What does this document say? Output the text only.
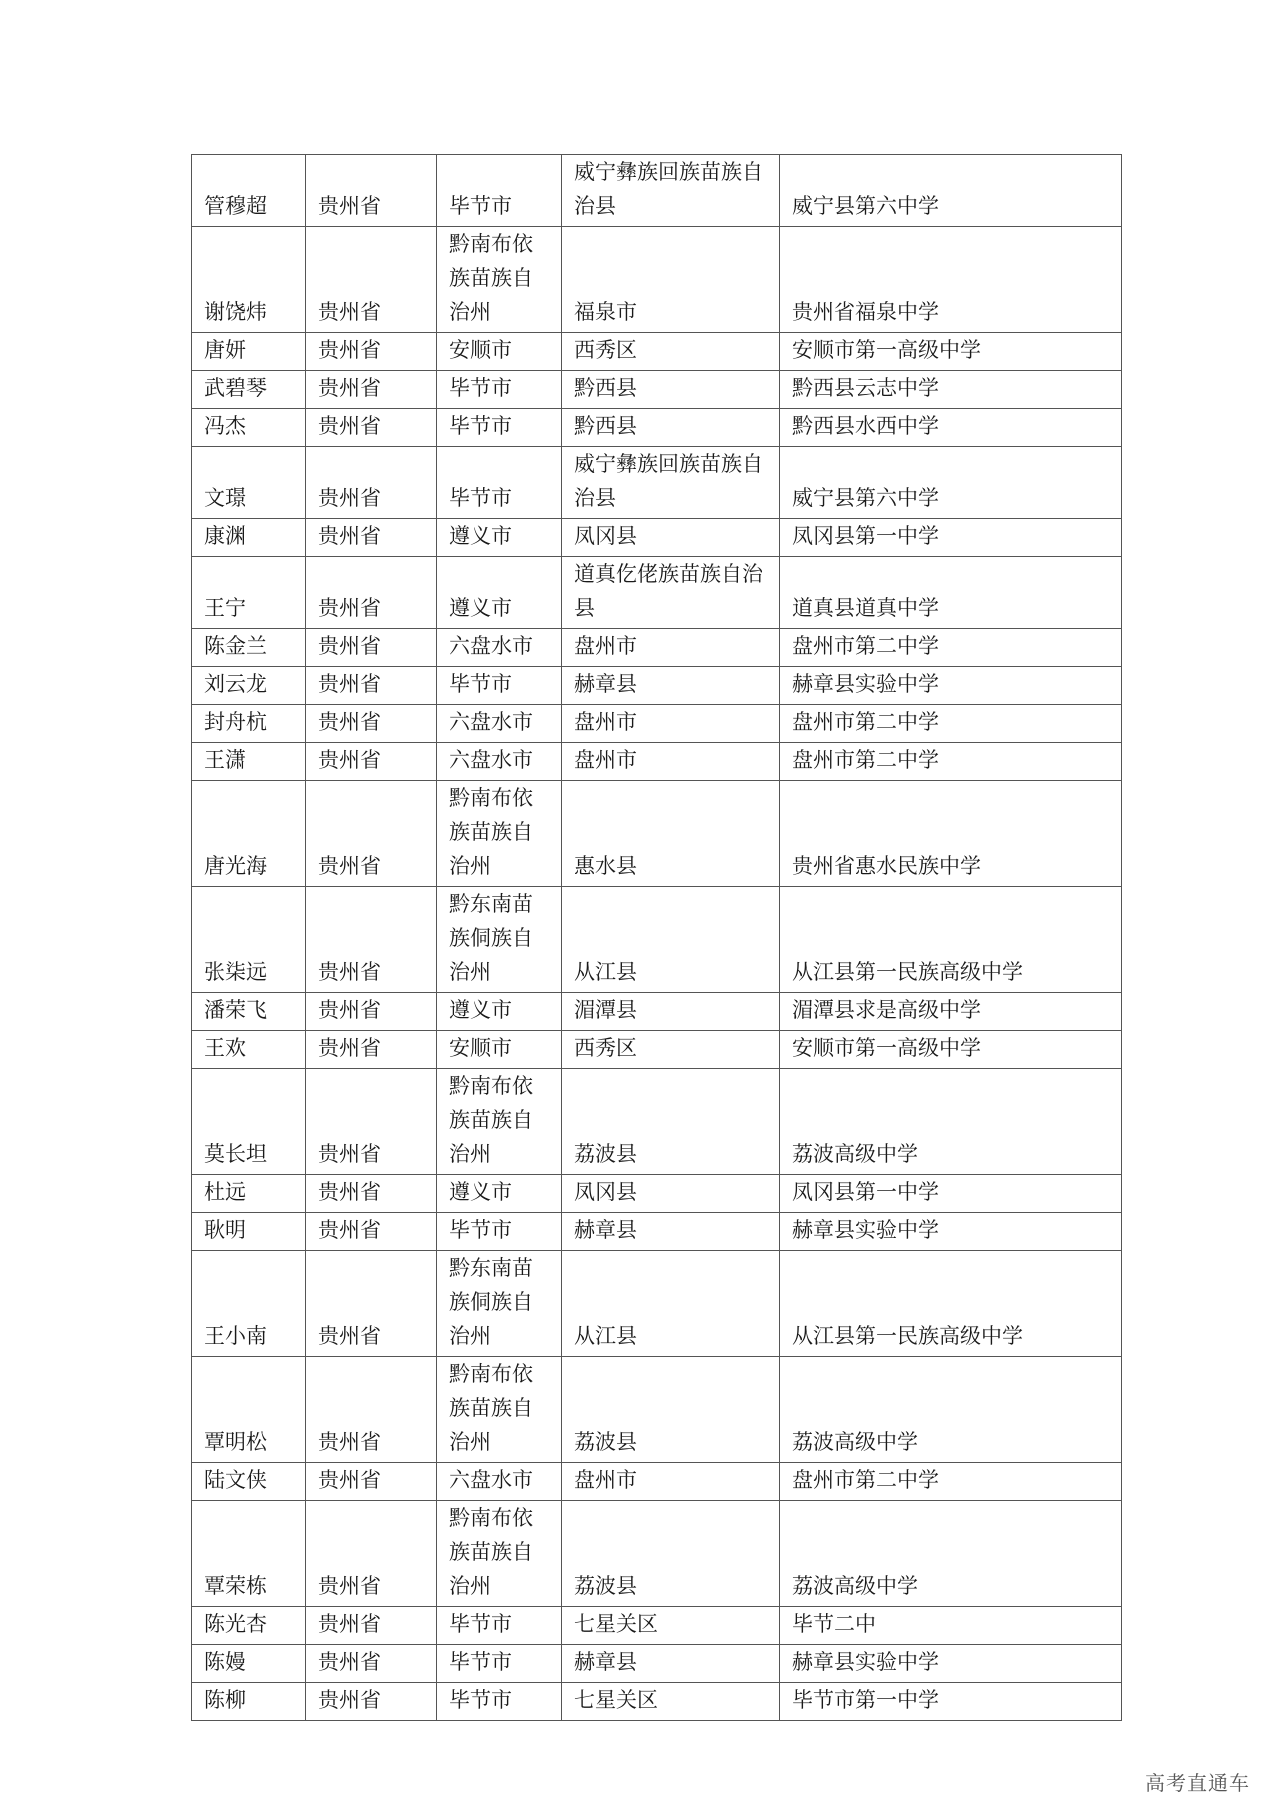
管穆超	贵州省	毕节市	威宁彝族回族苗族自治县	威宁县第六中学
谢饶炜	贵州省	黔南布依族苗族自治州	福泉市	贵州省福泉中学
唐妍	贵州省	安顺市	西秀区	安顺市第一高级中学
武碧琴	贵州省	毕节市	黔西县	黔西县云志中学
冯杰	贵州省	毕节市	黔西县	黔西县水西中学
文璟	贵州省	毕节市	威宁彝族回族苗族自治县	威宁县第六中学
康渊	贵州省	遵义市	凤冈县	凤冈县第一中学
王宁	贵州省	遵义市	道真仡佬族苗族自治县	道真县道真中学
陈金兰	贵州省	六盘水市	盘州市	盘州市第二中学
刘云龙	贵州省	毕节市	赫章县	赫章县实验中学
封舟杭	贵州省	六盘水市	盘州市	盘州市第二中学
王潇	贵州省	六盘水市	盘州市	盘州市第二中学
唐光海	贵州省	黔南布依族苗族自治州	惠水县	贵州省惠水民族中学
张柒远	贵州省	黔东南苗族侗族自治州	从江县	从江县第一民族高级中学
潘荣飞	贵州省	遵义市	湄潭县	湄潭县求是高级中学
王欢	贵州省	安顺市	西秀区	安顺市第一高级中学
莫长坦	贵州省	黔南布依族苗族自治州	荔波县	荔波高级中学
杜远	贵州省	遵义市	凤冈县	凤冈县第一中学
耿明	贵州省	毕节市	赫章县	赫章县实验中学
王小南	贵州省	黔东南苗族侗族自治州	从江县	从江县第一民族高级中学
覃明松	贵州省	黔南布依族苗族自治州	荔波县	荔波高级中学
陆文侠	贵州省	六盘水市	盘州市	盘州市第二中学
覃荣栋	贵州省	黔南布依族苗族自治州	荔波县	荔波高级中学
陈光杏	贵州省	毕节市	七星关区	毕节二中
陈嫚	贵州省	毕节市	赫章县	赫章县实验中学
陈柳	贵州省	毕节市	七星关区	毕节市第一中学
高考直通车
